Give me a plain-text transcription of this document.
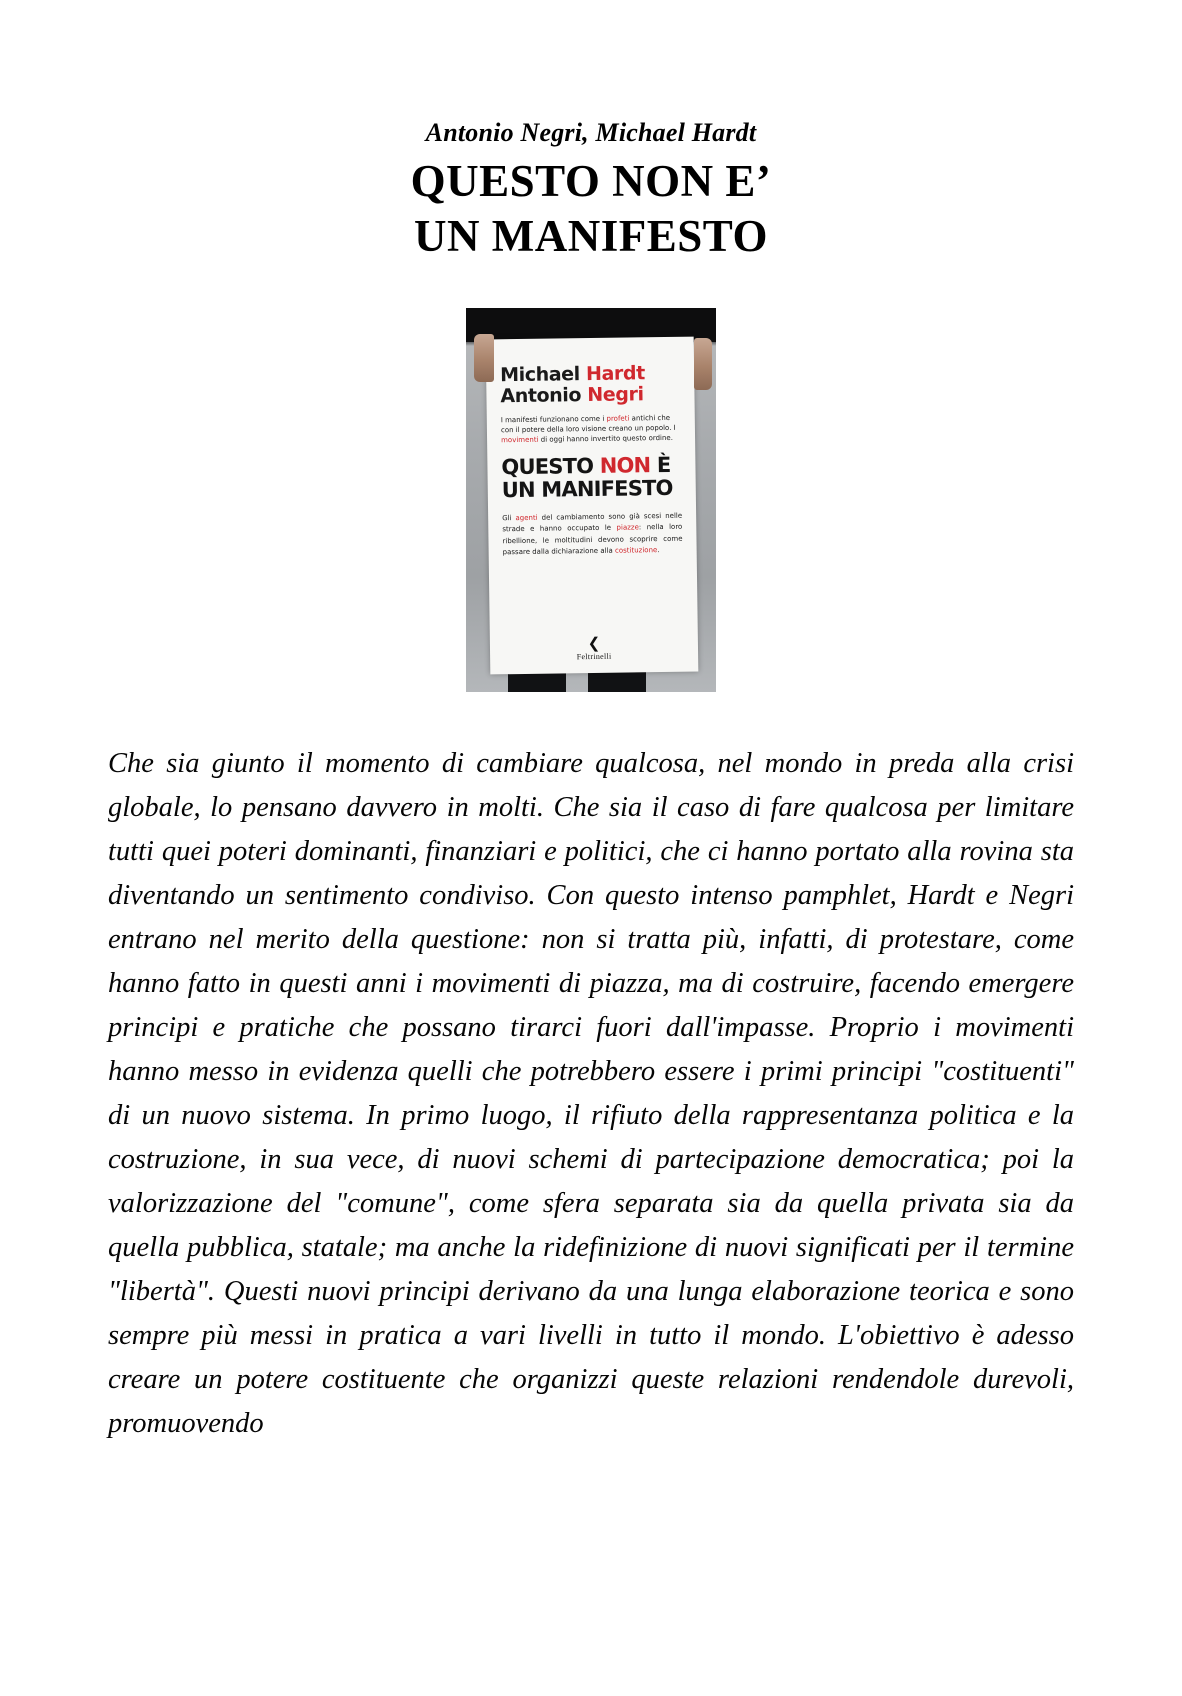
Antonio Negri, Michael Hardt
QUESTO NON E’
UN MANIFESTO
Michael Hardt
Antonio Negri
I manifesti funzionano come i profeti antichi che con il potere della loro visione creano un popolo. I movimenti di oggi hanno invertito questo ordine.
QUESTO NON È
UN MANIFESTO
Gli agenti del cambiamento sono già scesi nelle strade e hanno occupato le piazze: nella loro ribellione, le moltitudini devono scoprire come passare dalla dichiarazione alla costituzione.
❮
Feltrinelli

Che sia giunto il momento di cambiare qualcosa, nel mondo in preda alla crisi globale, lo pensano davvero in molti. Che sia il caso di fare qualcosa per limitare tutti quei poteri dominanti, finanziari e politici, che ci hanno portato alla rovina sta diventando un sentimento condiviso. Con questo intenso pamphlet, Hardt e Negri entrano nel merito della questione: non si tratta più, infatti, di protestare, come hanno fatto in questi anni i movimenti di piazza, ma di costruire, facendo emergere principi e pratiche che possano tirarci fuori dall'impasse. Proprio i movimenti hanno messo in evidenza quelli che potrebbero essere i primi principi "costituenti" di un nuovo sistema. In primo luogo, il rifiuto della rappresentanza politica e la costruzione, in sua vece, di nuovi schemi di partecipazione democratica; poi la valorizzazione del "comune", come sfera separata sia da quella privata sia da quella pubblica, statale; ma anche la ridefinizione di nuovi significati per il termine "libertà". Questi nuovi principi derivano da una lunga elaborazione teorica e sono sempre più messi in pratica a vari livelli in tutto il mondo. L'obiettivo è adesso creare un potere costituente che organizzi queste relazioni rendendole durevoli, promuovendo
